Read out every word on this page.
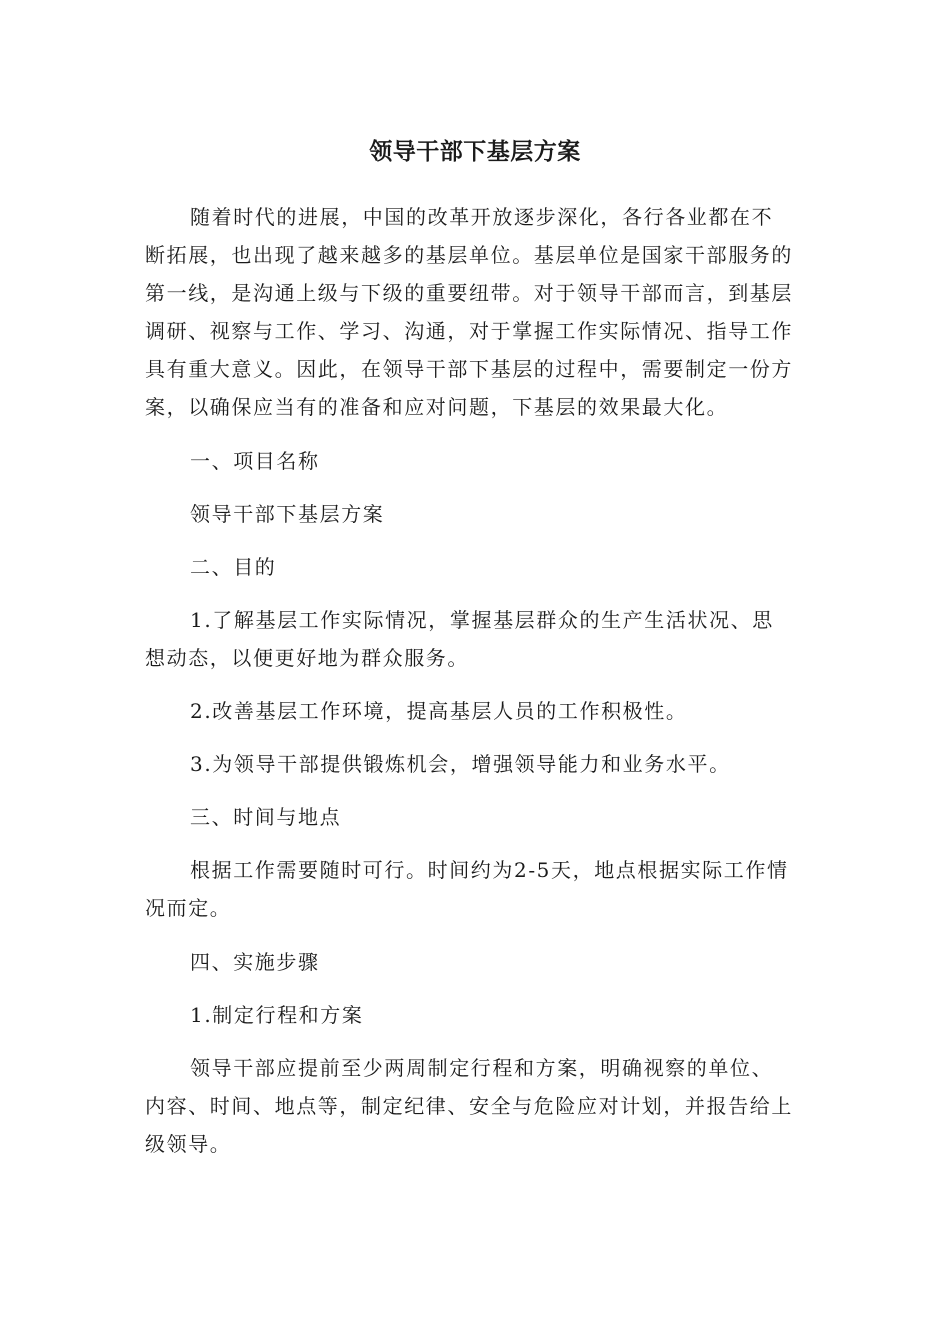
领导干部下基层方案

随着时代的进展，中国的改革开放逐步深化，各行各业都在不断拓展，也出现了越来越多的基层单位。基层单位是国家干部服务的第一线，是沟通上级与下级的重要纽带。对于领导干部而言，到基层调研、视察与工作、学习、沟通，对于掌握工作实际情况、指导工作具有重大意义。因此，在领导干部下基层的过程中，需要制定一份方案，以确保应当有的准备和应对问题，下基层的效果最大化。

一、项目名称

领导干部下基层方案

二、目的

1.了解基层工作实际情况，掌握基层群众的生产生活状况、思想动态，以便更好地为群众服务。

2.改善基层工作环境，提高基层人员的工作积极性。

3.为领导干部提供锻炼机会，增强领导能力和业务水平。

三、时间与地点

根据工作需要随时可行。时间约为2-5天，地点根据实际工作情况而定。

四、实施步骤

1.制定行程和方案

领导干部应提前至少两周制定行程和方案，明确视察的单位、内容、时间、地点等，制定纪律、安全与危险应对计划，并报告给上级领导。
